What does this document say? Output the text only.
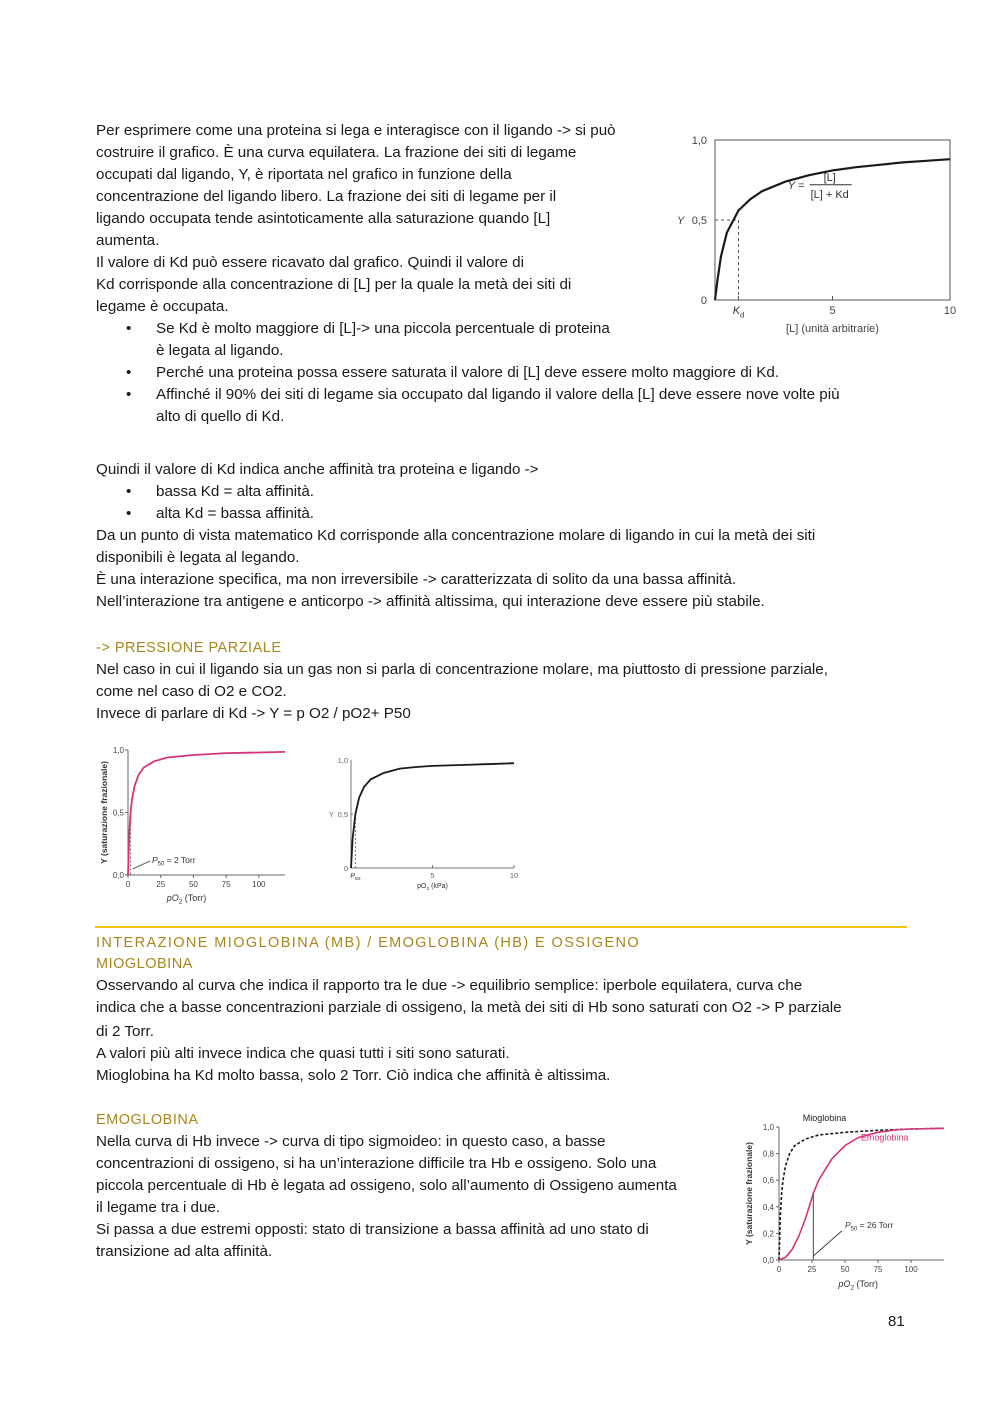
Per esprimere come una proteina si lega e interagisce con il ligando -> si può

costruire il grafico. È una curva equilatera. La frazione dei siti di legame

occupati dal ligando, Y, è riportata nel grafico in funzione della

concentrazione del ligando libero. La frazione dei siti di legame per il

ligando occupata tende asintoticamente alla saturazione quando [L]

aumenta.

Il valore di Kd può essere ricavato dal grafico. Quindi il valore di

Kd corrisponde alla concentrazione di [L] per la quale la metà dei siti di

legame è occupata.

• Se Kd è molto maggiore di [L]-> una piccola percentuale di proteina
è legata al ligando.
• Perché una proteina possa essere saturata il valore di [L] deve essere molto maggiore di Kd.
• Affinché il 90% dei siti di legame sia occupato dal ligando il valore della [L] deve essere nove volte più
alto di quello di Kd.
0
0,5
1,0
Y
$K_d$	5	10
[L] (unità arbitrarie)
Y =
[L]
[L] + Kd

Quindi il valore di Kd indica anche affinità tra proteina e ligando ->

• bassa Kd = alta affinità.
• alta Kd = bassa affinità.

Da un punto di vista matematico Kd corrisponde alla concentrazione molare di ligando in cui la metà dei siti

disponibili è legata al legando.

È una interazione specifica, ma non irreversibile -> caratterizzata di solito da una bassa affinità.

Nell’interazione tra antigene e anticorpo -> affinità altissima, qui interazione deve essere più stabile.

-> PRESSIONE PARZIALE

Nel caso in cui il ligando sia un gas non si parla di concentrazione molare, ma piuttosto di pressione parziale,

come nel caso di O2 e CO2.

Invece di parlare di Kd -> Y = p O2 / pO2+ P50

0,0
0,5
1,0
0	25	50	75	100
$pO_2$ (Torr)
Y (saturazione frazionale)	$P_{50} = 2$ Torr
0
0,5
1,0
Y
$P_{50}$	5	10
$pO_2$ (kPa)

INTERAZIONE MIOGLOBINA (MB) / EMOGLOBINA (HB) E OSSIGENO

MIOGLOBINA

Osservando al curva che indica il rapporto tra le due -> equilibrio semplice: iperbole equilatera, curva che

indica che a basse concentrazioni parziale di ossigeno, la metà dei siti di Hb sono saturati con O2 -> P parziale

di 2 Torr.

A valori più alti invece indica che quasi tutti i siti sono saturati.

Mioglobina ha Kd molto bassa, solo 2 Torr. Ciò indica che affinità è altissima.

EMOGLOBINA

Nella curva di Hb invece -> curva di tipo sigmoideo: in questo caso, a basse

concentrazioni di ossigeno, si ha un’interazione difficile tra Hb e ossigeno. Solo una

piccola percentuale di Hb è legata ad ossigeno, solo all’aumento di Ossigeno aumenta

il legame tra i due.

Si passa a due estremi opposti: stato di transizione a bassa affinità ad uno stato di

transizione ad alta affinità.

0,0
0,2
0,4
0,6
0,8
1,0
0	25	50	75	100
$pO_2$ (Torr)
Y (saturazione frazionale)
Mioglobina
Emoglobina
$P_{50} = 26$ Torr
81
